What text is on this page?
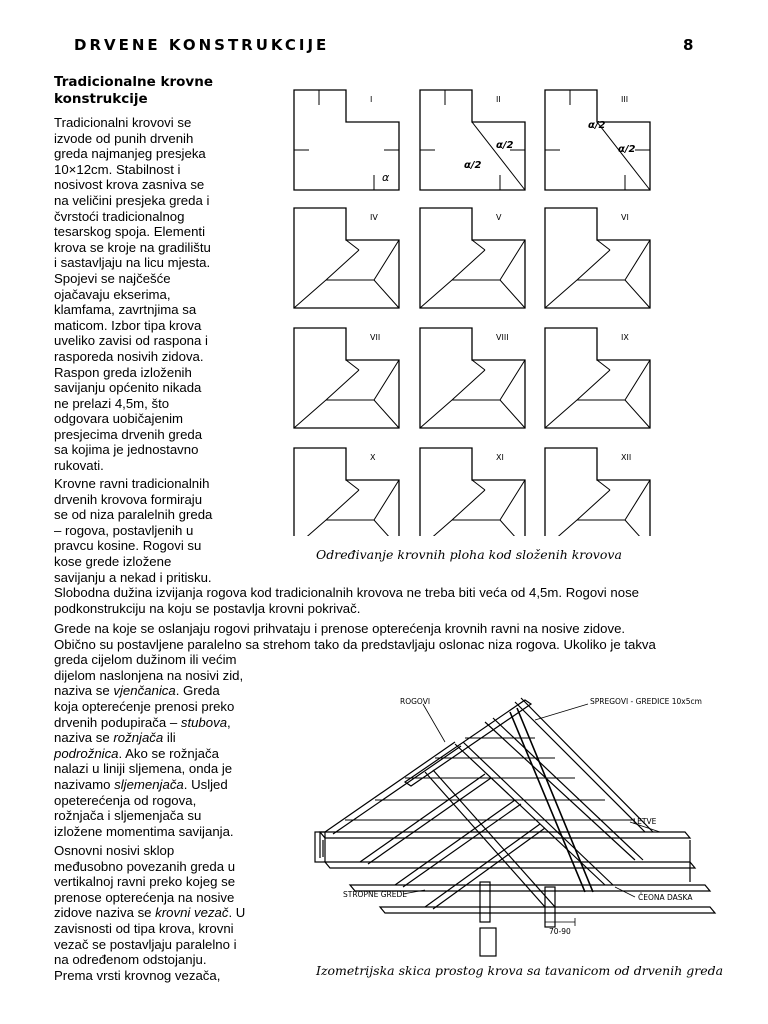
DRVENE KONSTRUKCIJE	8
Tradicionalne krovne konstrukcije
Tradicionalni krovovi se
izvode od punih drvenih
greda najmanjeg presjeka
10×12cm. Stabilnost i
nosivost krova zasniva se
na veličini presjeka greda i
čvrstoći tradicionalnog
tesarskog spoja. Elementi
krova se kroje na gradilištu
i sastavljaju na licu mjesta.
Spojevi se najčešće
ojačavaju ekserima,
klamfama, zavrtnjima sa
maticom. Izbor tipa krova
uveliko zavisi od raspona i
rasporeda nosivih zidova.
Raspon greda izloženih
savijanju općenito nikada
ne prelazi 4,5m, što
odgovara uobičajenim
presjecima drvenih greda
sa kojima je jednostavno
rukovati.
Krovne ravni tradicionalnih
drvenih krovova formiraju
se od niza paralelnih greda
– rogova, postavljenih u
pravcu kosine. Rogovi su
kose grede izložene
savijanju a nekad i pritisku.
Slobodna dužina izvijanja rogova kod tradicionalnih krovova ne treba biti veća od 4,5m. Rogovi nose
podkonstrukciju na koju se postavlja krovni pokrivač.
Grede na koje se oslanjaju rogovi prihvataju i prenose opterećenja krovnih ravni na nosive zidove.
Obično su postavljene paralelno sa strehom tako da predstavljaju oslonac niza rogova. Ukoliko je takva
greda cijelom dužinom ili većim
dijelom naslonjena na nosivi zid,
naziva se vjenčanica. Greda
koja opterećenje prenosi preko
drvenih podupirača – stubova,
naziva se rožnjača ili
podrožnica. Ako se rožnjača
nalazi u liniji sljemena, onda je
nazivamo sljemenjača. Usljed
opeterećenja od rogova,
rožnjača i sljemenjača su
izložene momentima savijanja.
Osnovni nosivi sklop
međusobno povezanih greda u
vertikalnoj ravni preko kojeg se
prenose opterećenja na nosive
zidove naziva se krovni vezač. U
zavisnosti od tipa krova, krovni
vezač se postavljaju paralelno i
na određenom odstojanju.
Prema vrsti krovnog vezača,
I	II	III
IV	V	VI
VII	VIII	IX
X	XI	XII
α
α/2
α/2
α/2
α/2
Određivanje krovnih ploha kod složenih krovova
ROGOVI	SPREGOVI - GREDICE 10x5cm
LETVE
STROPNE GREDE	ČEONA DASKA
70-90
Izometrijska skica prostog krova sa tavanicom od drvenih greda
